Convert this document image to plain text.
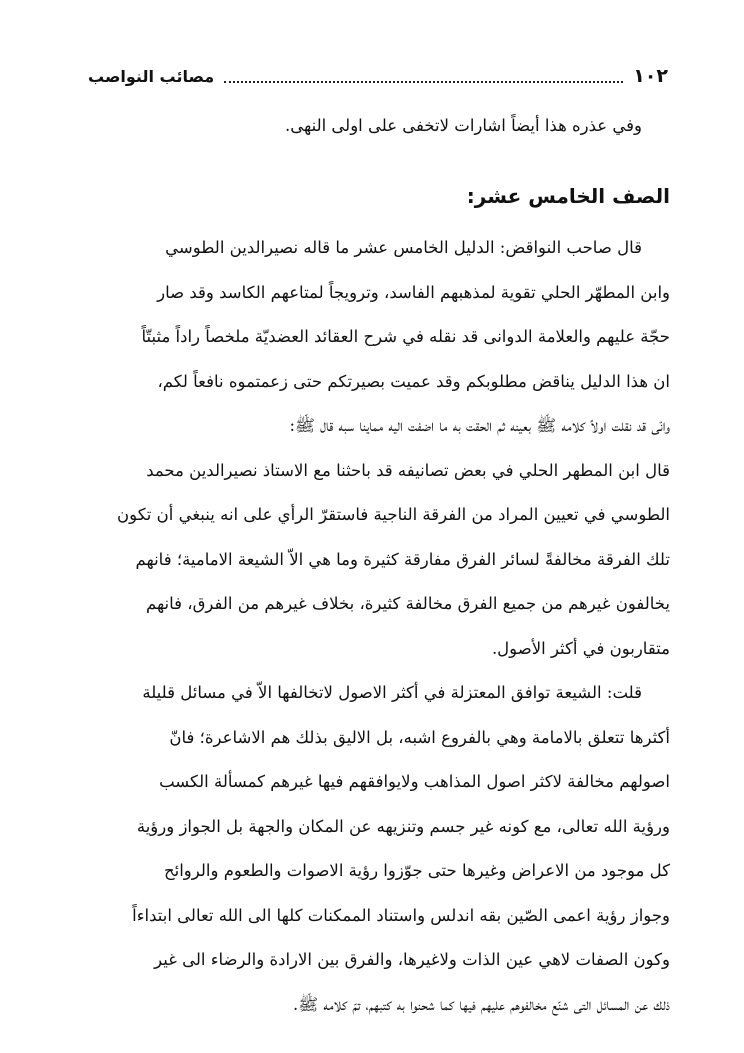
١٠٢
مصائب النواصب
وفي عذره هذا أيضاً اشارات لاتخفى على اولى النهى.
الصف الخامس عشر:
قال صاحب النواقض: الدليل الخامس عشر ما قاله نصيرالدين الطوسي
وابن المطهّر الحلي تقوية لمذهبهم الفاسد، وترويجاً لمتاعهم الكاسد وقد صار
حجّة عليهم والعلامة الدوانى قد نقله في شرح العقائد العضديّة ملخصاً راداً مثبتّاً
ان هذا الدليل يناقض مطلوبكم وقد عميت بصيرتكم حتى زعمتموه نافعاً لكم،
وانّى قد نقلت اولاً كلامه ﷺ بعينه ثم الحقت به ما اضفت اليه مماينا سبه قال ﷺ:
قال ابن المطهر الحلي في بعض تصانيفه قد باحثنا مع الاستاذ نصيرالدين محمد
الطوسي في تعيين المراد من الفرقة الناجية فاستقرّ الرأي على انه ينبغي أن تكون
تلك الفرقة مخالفةً لسائر الفرق مفارقة كثيرة وما هي الاّ الشيعة الامامية؛ فانهم
يخالفون غيرهم من جميع الفرق مخالفة كثيرة، بخلاف غيرهم من الفرق، فانهم
متقاربون في أكثر الأصول.
قلت: الشيعة توافق المعتزلة في أكثر الاصول لاتخالفها الاّ في مسائل قليلة
أكثرها تتعلق بالامامة وهي بالفروع اشبه، بل الاليق بذلك هم الاشاعرة؛ فانّ
اصولهم مخالفة لاكثر اصول المذاهب ولايوافقهم فيها غيرهم كمسألة الكسب
ورؤية الله تعالى، مع كونه غير جسم وتنزيهه عن المكان والجهة بل الجواز ورؤية
كل موجود من الاعراض وغيرها حتى جوّزوا رؤية الاصوات والطعوم والروائح
وجواز رؤية اعمى الصّين بقه اندلس واستناد الممكنات كلها الى الله تعالى ابتداءاً
وكون الصفات لاهي عين الذات ولاغيرها، والفرق بين الارادة والرضاء الى غير
ذلك عن المسائل التى شنّع مخالفوهم عليهم فيها كما شحنوا به كتبهم، تمّ كلامه ﷺ.
